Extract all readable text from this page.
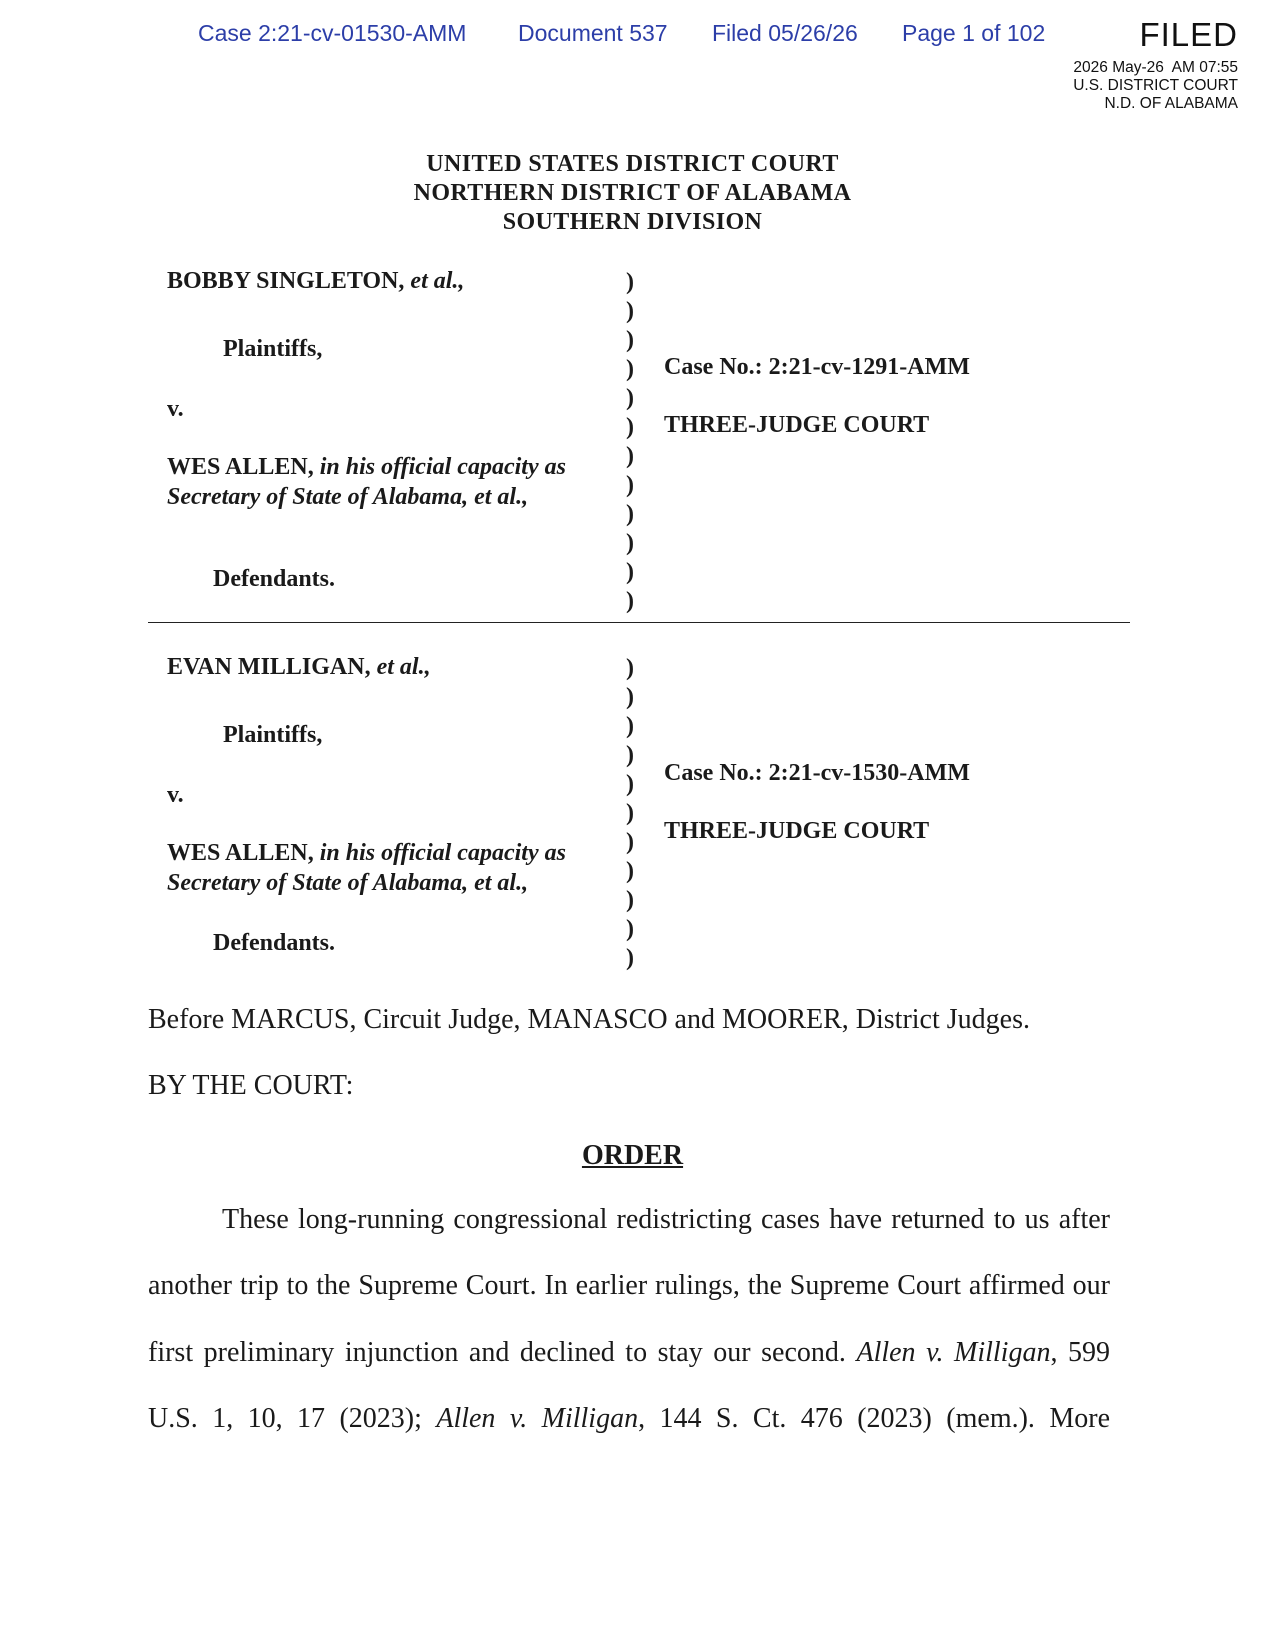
Case 2:21-cv-01530-AMM Document 537 Filed 05/26/26 Page 1 of 102	FILED
2026 May-26  AM 07:55
U.S. DISTRICT COURT
N.D. OF ALABAMA
UNITED STATES DISTRICT COURT
NORTHERN DISTRICT OF ALABAMA
SOUTHERN DIVISION
BOBBY SINGLETON, et al.,
Plaintiffs,
v.
WES ALLEN, in his official capacity as
Secretary of State of Alabama, et al.,
Defendants.
)
)
)
)
)
)
)
)
)
)
)
)
Case No.: 2:21-cv-1291-AMM
THREE-JUDGE COURT
EVAN MILLIGAN, et al.,
Plaintiffs,
v.
WES ALLEN, in his official capacity as
Secretary of State of Alabama, et al.,
Defendants.
)
)
)
)
)
)
)
)
)
)
)
Case No.: 2:21-cv-1530-AMM
THREE-JUDGE COURT
Before MARCUS, Circuit Judge, MANASCO and MOORER, District Judges.
BY THE COURT:
ORDER
These long-running congressional redistricting cases have returned to us after
another trip to the Supreme Court. In earlier rulings, the Supreme Court affirmed our
first preliminary injunction and declined to stay our second. Allen v. Milligan, 599
U.S. 1, 10, 17 (2023); Allen v. Milligan, 144 S. Ct. 476 (2023) (mem.). More
